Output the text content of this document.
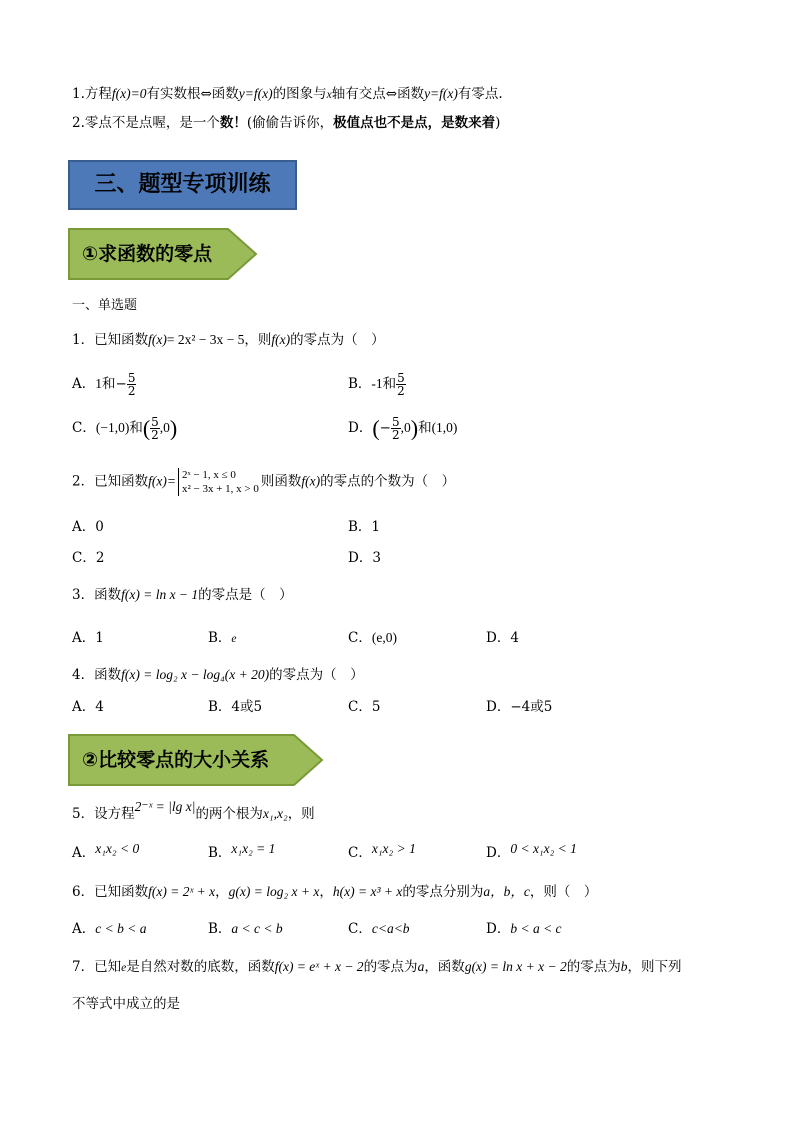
1.方程f(x)=0有实数根⇔函数y=f(x)的图象与x轴有交点⇔函数y=f(x)有零点.
2.零点不是点喔，是一个数！(偷偷告诉你，极值点也不是点，是数来着)
三、题型专项训练
①求函数的零点
一、单选题
1．已知函数f(x)= 2x² − 3x − 5，则f(x)的零点为（　）
A．1和− $\frac{5}{2}$	B．-1和 $\frac{5}{2}$
C．(−1,0)和( $\frac{5}{2} ,0$)	D．(− $\frac{5}{2} ,0$)和(1,0)
2．已知函数f(x)= 2ˣ − 1, x ≤ 0
x² − 3x + 1, x > 0 则函数f(x)的零点的个数为（　）
A．0	B．1
C．2	D．3
3．函数f(x) = ln x − 1的零点是（　）
A．1	B．e	C．(e,0)	D．4
4．函数f(x) = log₂ x − log₄(x + 20)的零点为（　）
A．4	B．4或5	C．5	D．−4或5
②比较零点的大小关系
5．设方程2⁻ˣ = |lg x|的两个根为x₁,x₂，则
A．x₁x₂ < 0	B．x₁x₂ = 1	C．x₁x₂ > 1	D．0 < x₁x₂ < 1
6．已知函数f(x) = 2ˣ + x，g(x) = log₂ x + x，h(x) = x³ + x的零点分别为a，b，c，则（　）
A．c < b < a	B．a < c < b	C．c<a<b	D．b < a < c
7．已知e是自然对数的底数，函数f(x) = eˣ + x − 2的零点为a，函数g(x) = ln x + x − 2的零点为b，则下列
不等式中成立的是
